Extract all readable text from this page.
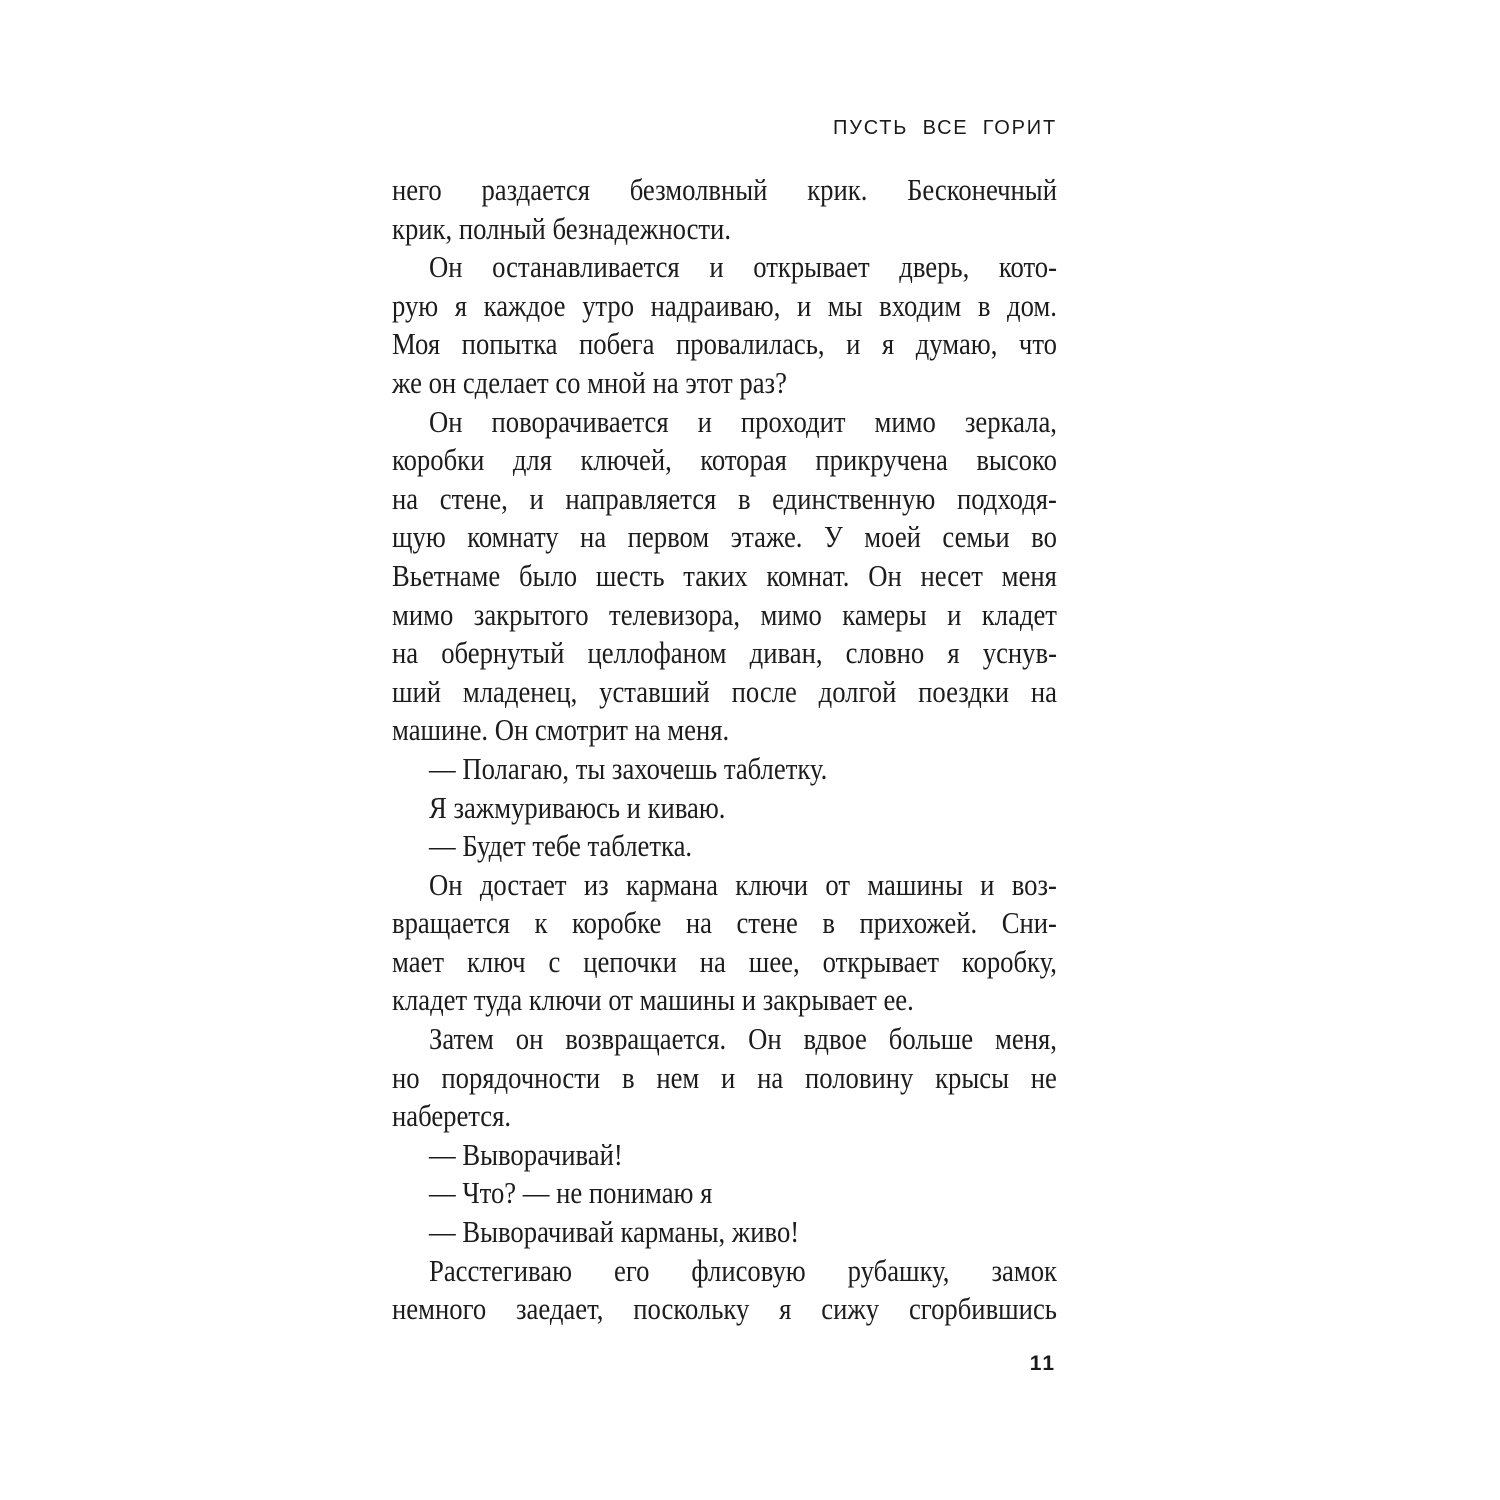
ПУСТЬ ВСЕ ГОРИТ
него раздается безмолвный крик. Бесконечный
крик, полный безнадежности.
Он останавливается и открывает дверь, кото-
рую я каждое утро надраиваю, и мы входим в дом.
Моя попытка побега провалилась, и я думаю, что
же он сделает со мной на этот раз?
Он поворачивается и проходит мимо зеркала,
коробки для ключей, которая прикручена высоко
на стене, и направляется в единственную подходя-
щую комнату на первом этаже. У моей семьи во
Вьетнаме было шесть таких комнат. Он несет меня
мимо закрытого телевизора, мимо камеры и кладет
на обернутый целлофаном диван, словно я уснув-
ший младенец, уставший после долгой поездки на
машине. Он смотрит на меня.
— Полагаю, ты захочешь таблетку.
Я зажмуриваюсь и киваю.
— Будет тебе таблетка.
Он достает из кармана ключи от машины и воз-
вращается к коробке на стене в прихожей. Сни-
мает ключ с цепочки на шее, открывает коробку,
кладет туда ключи от машины и закрывает ее.
Затем он возвращается. Он вдвое больше меня,
но порядочности в нем и на половину крысы не
наберется.
— Выворачивай!
— Что? — не понимаю я
— Выворачивай карманы, живо!
Расстегиваю его флисовую рубашку, замок
немного заедает, поскольку я сижу сгорбившись
11
